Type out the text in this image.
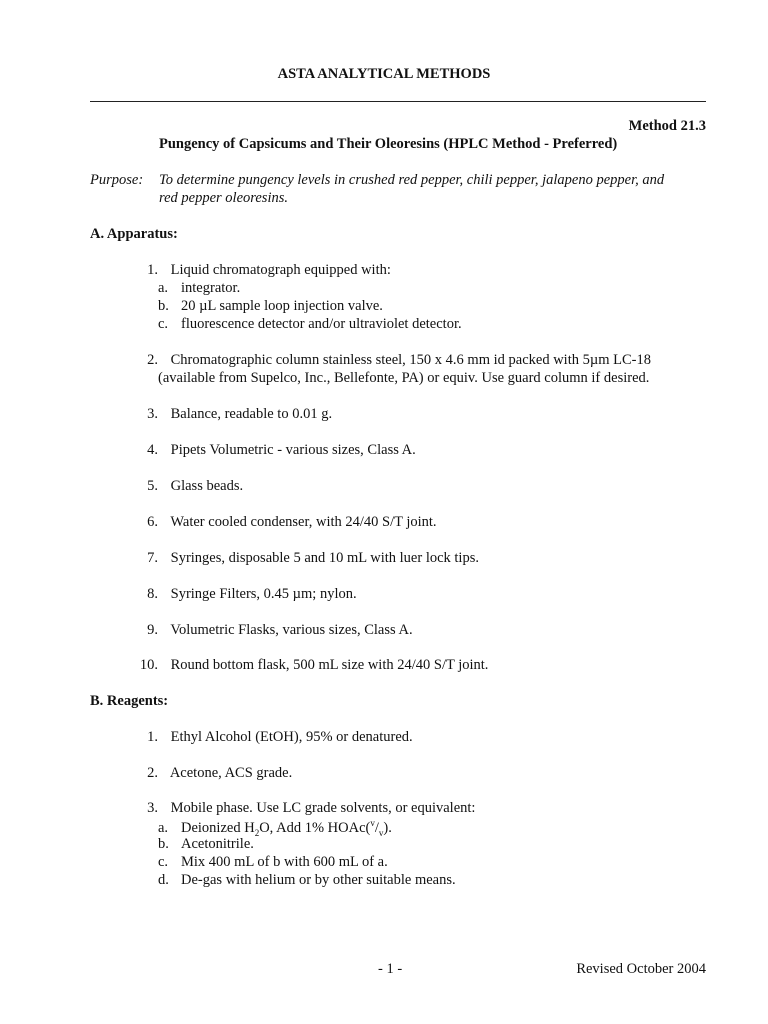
ASTA ANALYTICAL METHODS
Method 21.3
Pungency of Capsicums and Their Oleoresins (HPLC Method - Preferred)
Purpose: To determine pungency levels in crushed red pepper, chili pepper, jalapeno pepper, and
red pepper oleoresins.
A. Apparatus:
1. Liquid chromatograph equipped with:
a. integrator.
b. 20 µL sample loop injection valve.
c. fluorescence detector and/or ultraviolet detector.
2. Chromatographic column stainless steel, 150 x 4.6 mm id packed with 5µm LC-18
(available from Supelco, Inc., Bellefonte, PA) or equiv. Use guard column if desired.
3. Balance, readable to 0.01 g.
4. Pipets Volumetric - various sizes, Class A.
5. Glass beads.
6. Water cooled condenser, with 24/40 S/T joint.
7. Syringes, disposable 5 and 10 mL with luer lock tips.
8. Syringe Filters, 0.45 µm; nylon.
9. Volumetric Flasks, various sizes, Class A.
10. Round bottom flask, 500 mL size with 24/40 S/T joint.
B. Reagents:
1. Ethyl Alcohol (EtOH), 95% or denatured.
2. Acetone, ACS grade.
3. Mobile phase. Use LC grade solvents, or equivalent:
a. Deionized $H_2O$, Add 1% $HOAc(^v/_v)$.
b. Acetonitrile.
c. Mix 400 mL of b with 600 mL of a.
d. De-gas with helium or by other suitable means.
- 1 -	Revised October 2004
